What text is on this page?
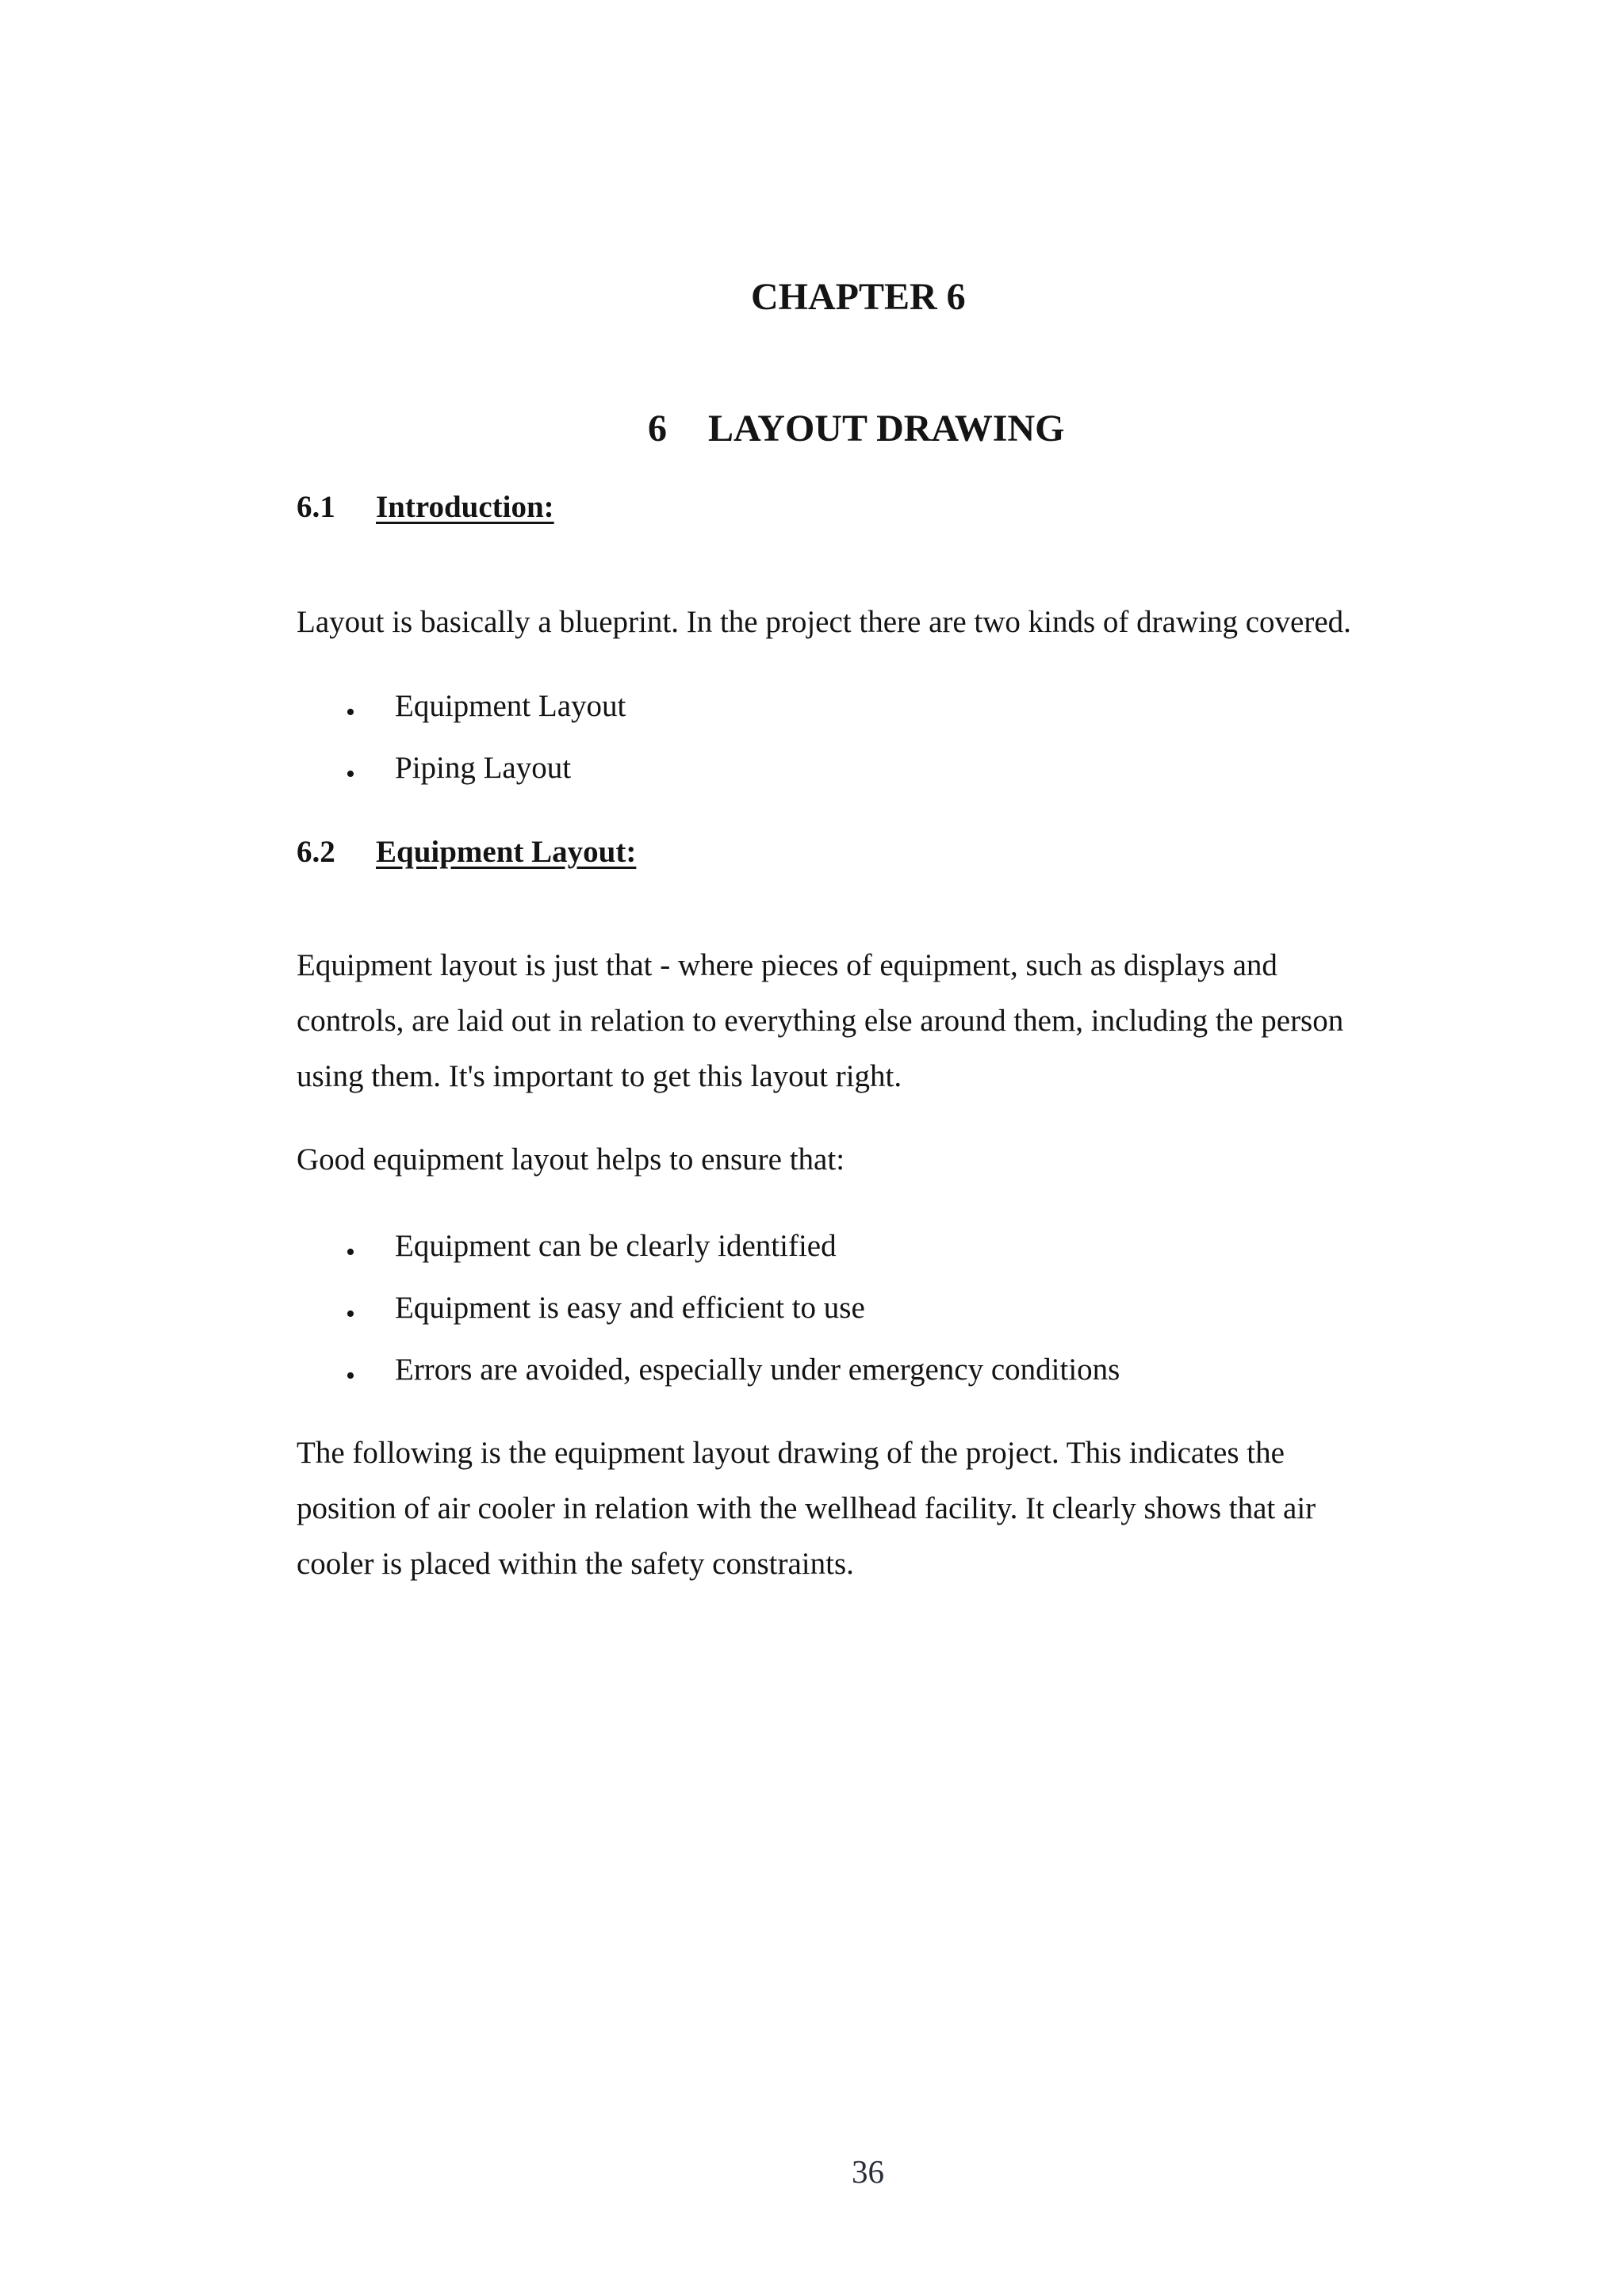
CHAPTER 6
6 LAYOUT DRAWING
6.1 Introduction:

Layout is basically a blueprint. In the project there are two kinds of drawing covered.

• Equipment Layout
• Piping Layout
6.2 Equipment Layout:

Equipment layout is just that - where pieces of equipment, such as displays and
controls, are laid out in relation to everything else around them, including the person
using them. It's important to get this layout right.

Good equipment layout helps to ensure that:

• Equipment can be clearly identified
• Equipment is easy and efficient to use
• Errors are avoided, especially under emergency conditions

The following is the equipment layout drawing of the project. This indicates the
position of air cooler in relation with the wellhead facility. It clearly shows that air
cooler is placed within the safety constraints.

36
